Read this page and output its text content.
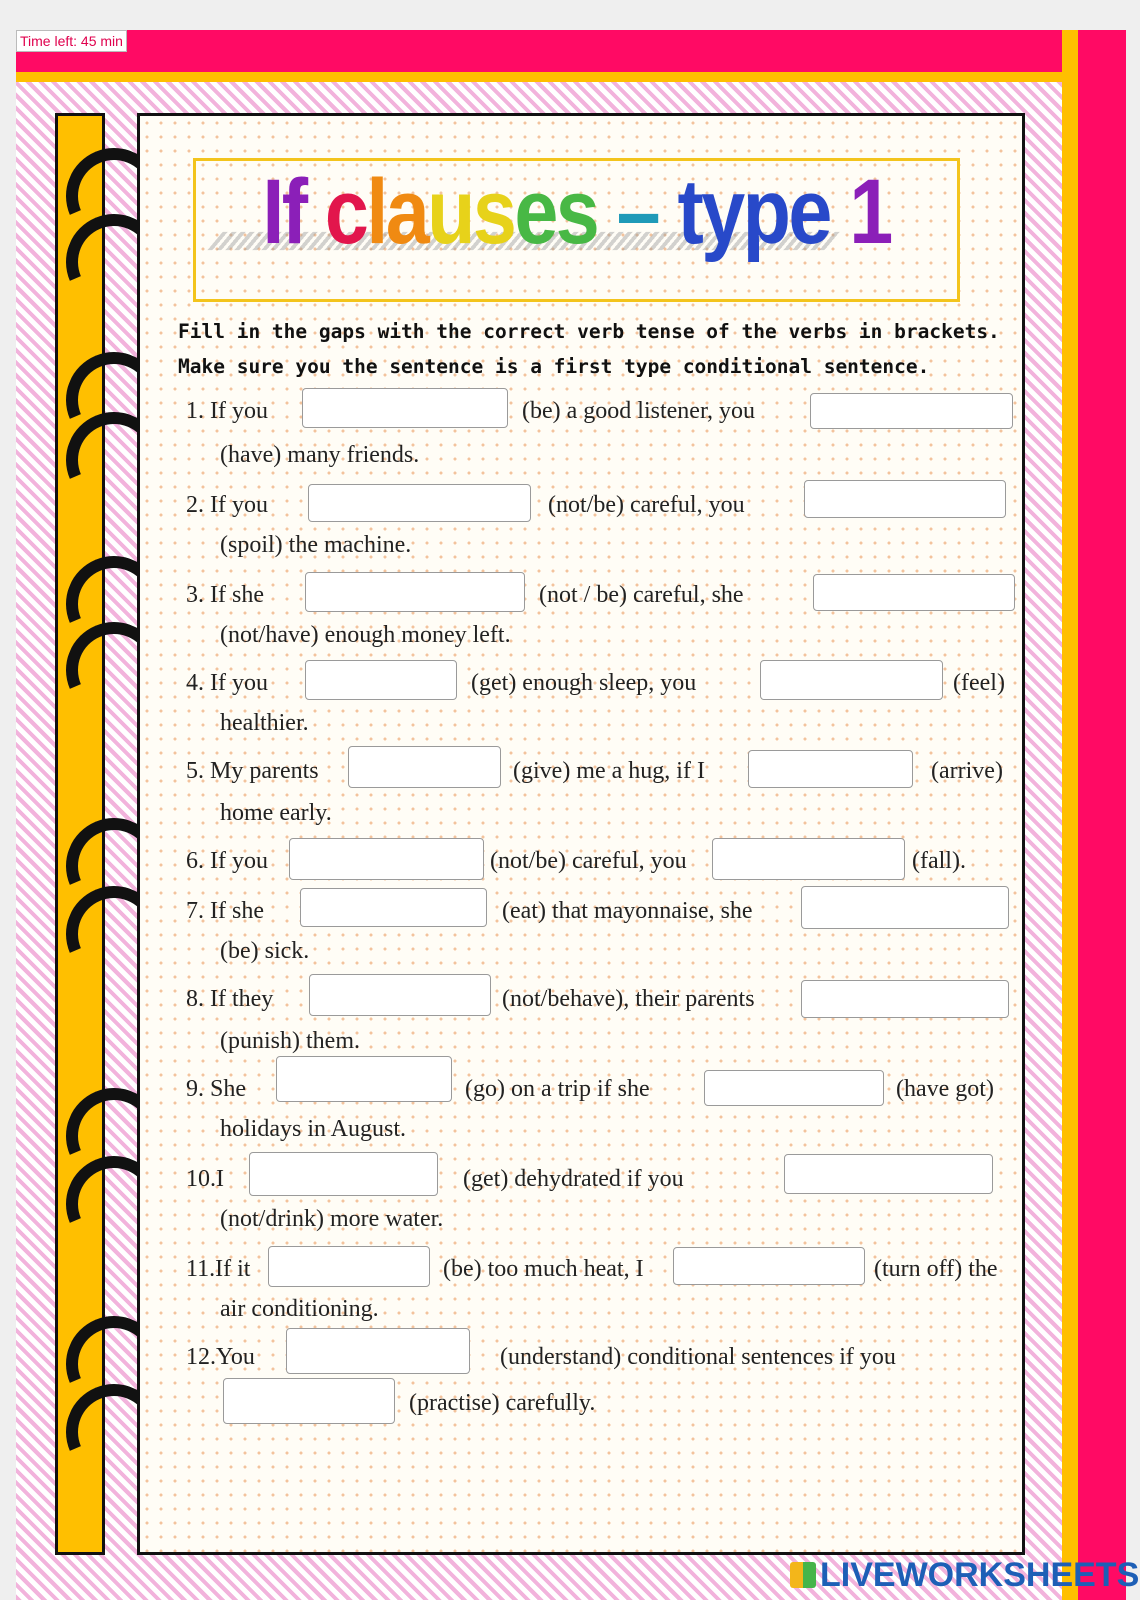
Time left: 45 min
If clauses – type 1
Fill in the gaps with the correct verb tense of the verbs in brackets. Make sure you the sentence is a first type conditional sentence.
1. If you	(be) a good listener, you
(have) many friends.
2. If you	(not/be) careful, you
(spoil) the machine.
3. If she	(not / be) careful, she
(not/have) enough money left.
4. If you	(get) enough sleep, you	(feel)
healthier.
5. My parents	(give) me a hug, if I	(arrive)
home early.
6. If you	(not/be) careful, you	(fall).
7. If she	(eat) that mayonnaise, she
(be) sick.
8. If they	(not/behave), their parents
(punish) them.
9. She	(go) on a trip if she	(have got)
holidays in August.
10.I	(get) dehydrated if you
(not/drink) more water.
11.If it	(be) too much heat, I	(turn off) the
air conditioning.
12.You	(understand) conditional sentences if you
(practise) carefully.
LIVEWORKSHEETS
